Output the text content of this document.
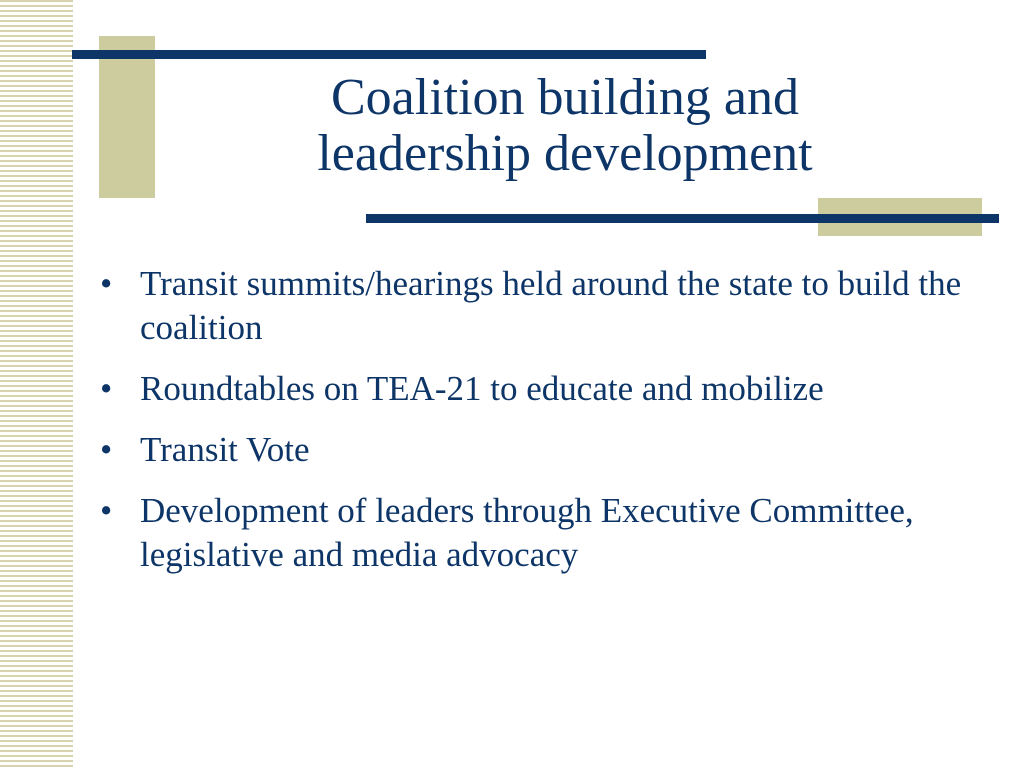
Coalition building and
leadership development
• Transit summits/hearings held around the state to build the coalition
• Roundtables on TEA-21 to educate and mobilize
• Transit Vote
• Development of leaders through Executive Committee, legislative and media advocacy
